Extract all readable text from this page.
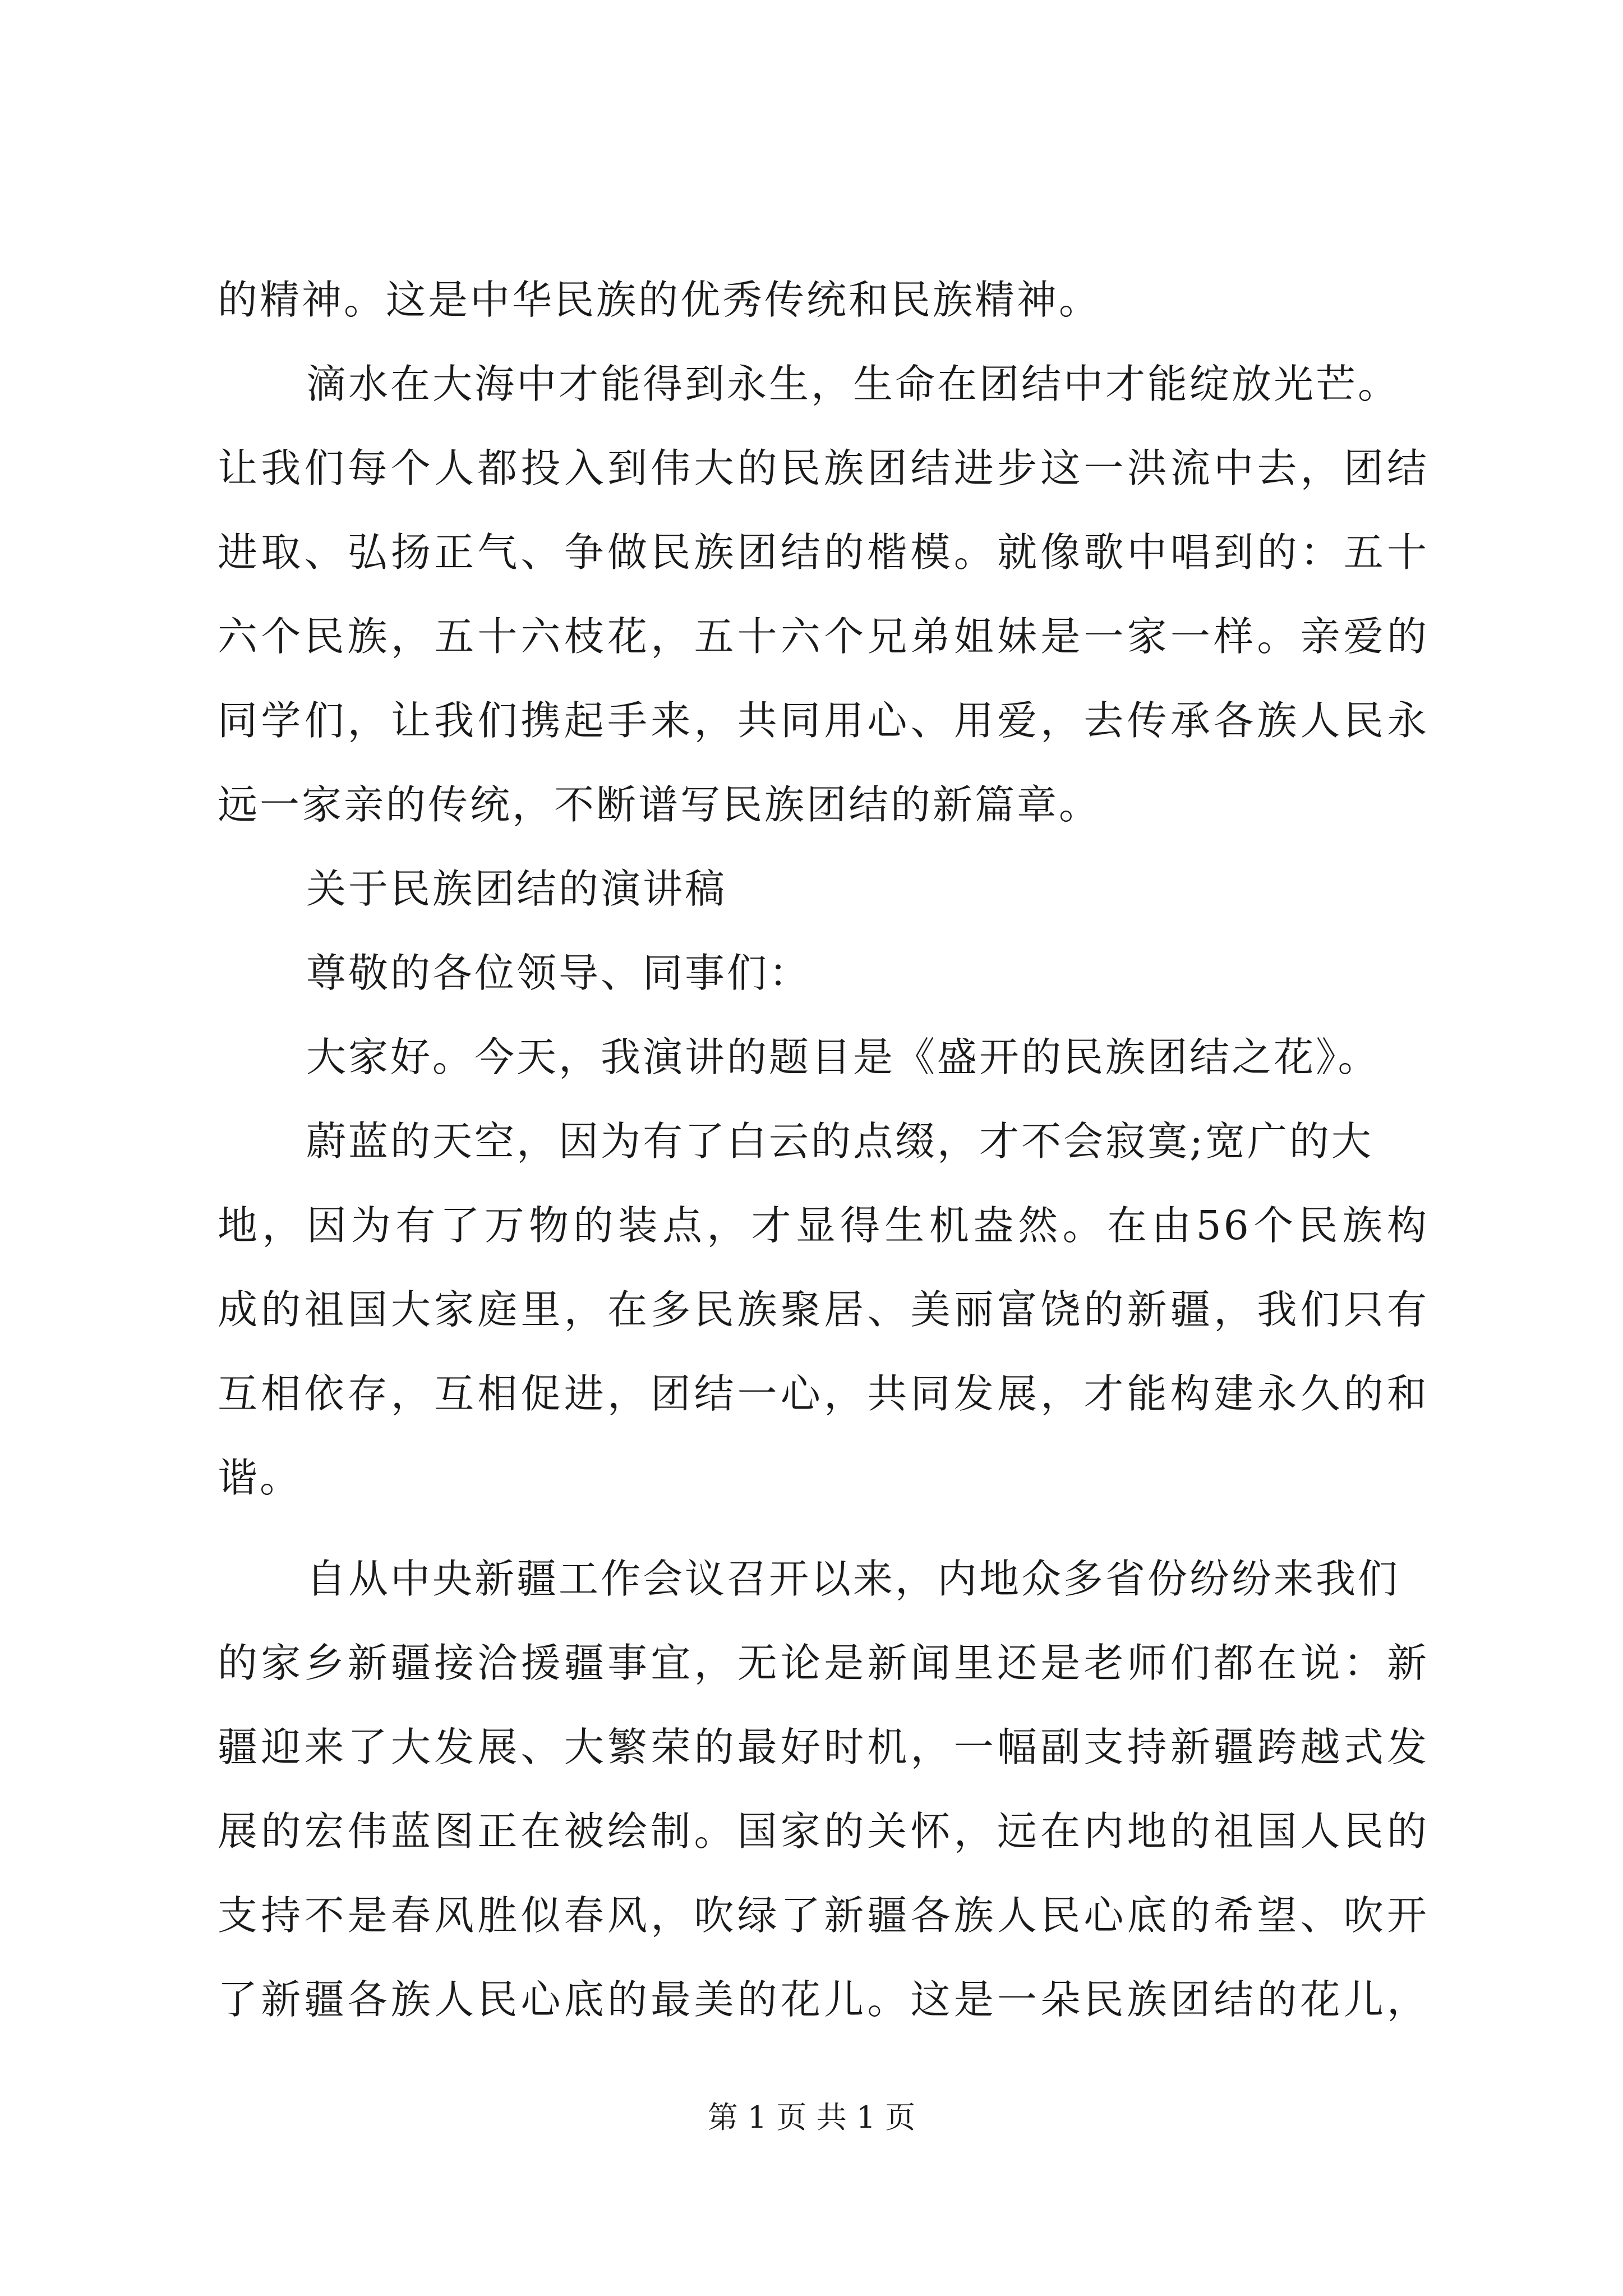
的精神。这是中华民族的优秀传统和民族精神。
滴水在大海中才能得到永生，生命在团结中才能绽放光芒。
让我们每个人都投入到伟大的民族团结进步这一洪流中去，团结
进取、弘扬正气、争做民族团结的楷模。就像歌中唱到的：五十
六个民族，五十六枝花，五十六个兄弟姐妹是一家一样。亲爱的
同学们，让我们携起手来，共同用心、用爱，去传承各族人民永
远一家亲的传统，不断谱写民族团结的新篇章。
关于民族团结的演讲稿
尊敬的各位领导、同事们：
大家好。今天，我演讲的题目是《盛开的民族团结之花》。
蔚蓝的天空，因为有了白云的点缀，才不会寂寞;宽广的大
地，因为有了万物的装点，才显得生机盎然。在由56个民族构
成的祖国大家庭里，在多民族聚居、美丽富饶的新疆，我们只有
互相依存，互相促进，团结一心，共同发展，才能构建永久的和
谐。
自从中央新疆工作会议召开以来，内地众多省份纷纷来我们
的家乡新疆接洽援疆事宜，无论是新闻里还是老师们都在说：新
疆迎来了大发展、大繁荣的最好时机，一幅副支持新疆跨越式发
展的宏伟蓝图正在被绘制。国家的关怀，远在内地的祖国人民的
支持不是春风胜似春风，吹绿了新疆各族人民心底的希望、吹开
了新疆各族人民心底的最美的花儿。这是一朵民族团结的花儿，
第 1 页 共 1 页
